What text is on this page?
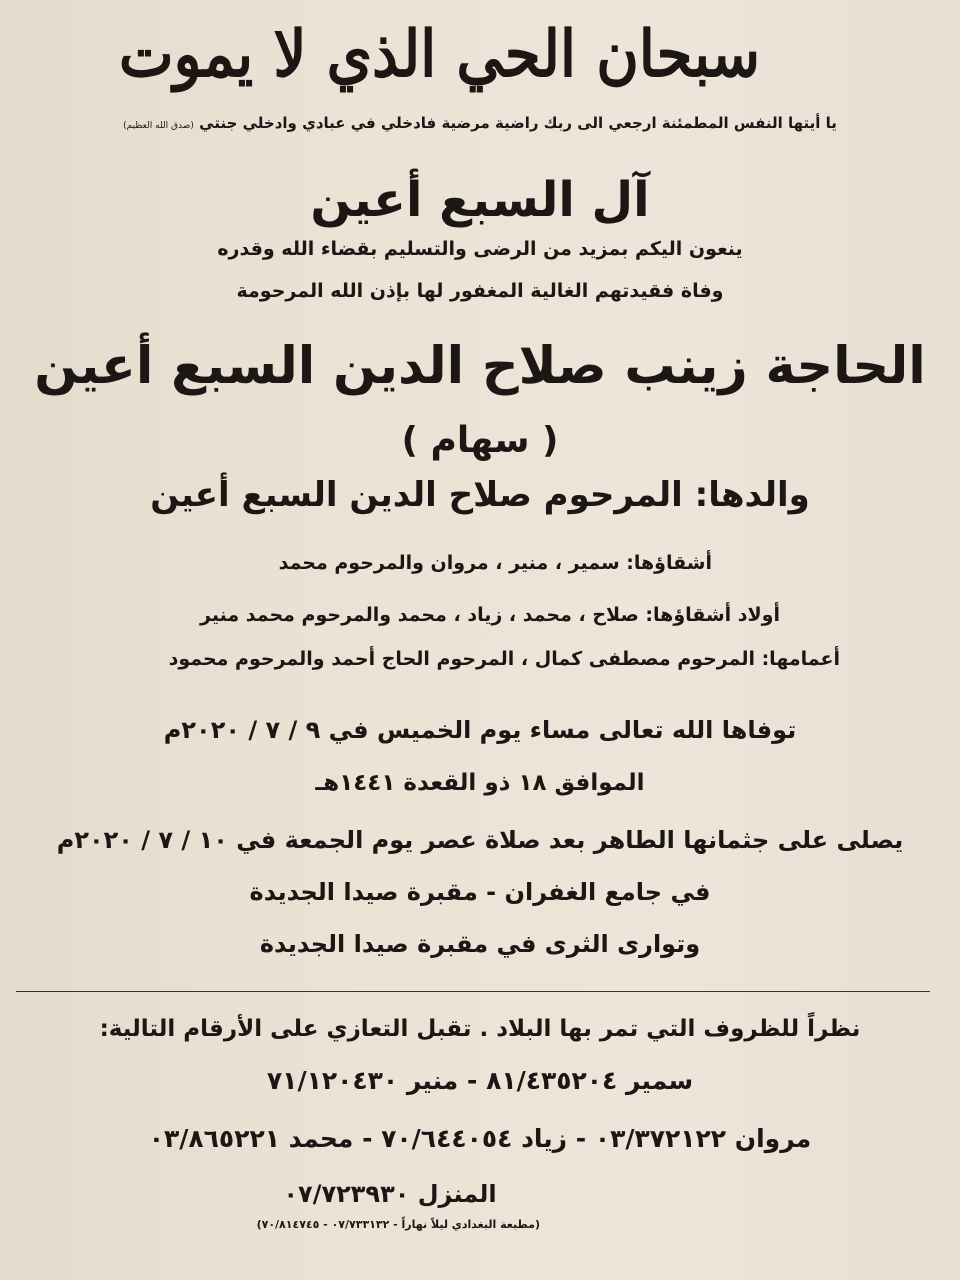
سبحان الحي الذي لا يموت
يا أيتها النفس المطمئنة ارجعي الى ربك راضية مرضية فادخلي في عبادي وادخلي جنتي (صدق الله العظيم)
آل السبع أعين
ينعون اليكم بمزيد من الرضى والتسليم بقضاء الله وقدره
وفاة فقيدتهم الغالية المغفور لها بإذن الله المرحومة
الحاجة زينب صلاح الدين السبع أعين
( سهام )
والدها: المرحوم صلاح الدين السبع أعين
أشقاؤها: سمير ، منير ، مروان والمرحوم محمد
أولاد أشقاؤها: صلاح ، محمد ، زياد ، محمد والمرحوم محمد منير
أعمامها: المرحوم مصطفى كمال ، المرحوم الحاج أحمد والمرحوم محمود
توفاها الله تعالى مساء يوم الخميس في ٩ / ٧ / ٢٠٢٠م
الموافق ١٨ ذو القعدة ١٤٤١هـ
يصلى على جثمانها الطاهر بعد صلاة عصر يوم الجمعة في ١٠ / ٧ / ٢٠٢٠م
في جامع الغفران - مقبرة صيدا الجديدة
وتوارى الثرى في مقبرة صيدا الجديدة
نظراً للظروف التي تمر بها البلاد . تقبل التعازي على الأرقام التالية:
سمير ٨١/٤٣٥٢٠٤ - منير ٧١/١٢٠٤٣٠
مروان ٠٣/٣٧٢١٢٢ - زياد ٧٠/٦٤٤٠٥٤ - محمد ٠٣/٨٦٥٢٢١
المنزل ٠٧/٧٢٣٩٣٠
(مطبعة البغدادي ليلاً نهاراً - ٠٧/٧٣٣١٣٢ - ٧٠/٨١٤٧٤٥)
